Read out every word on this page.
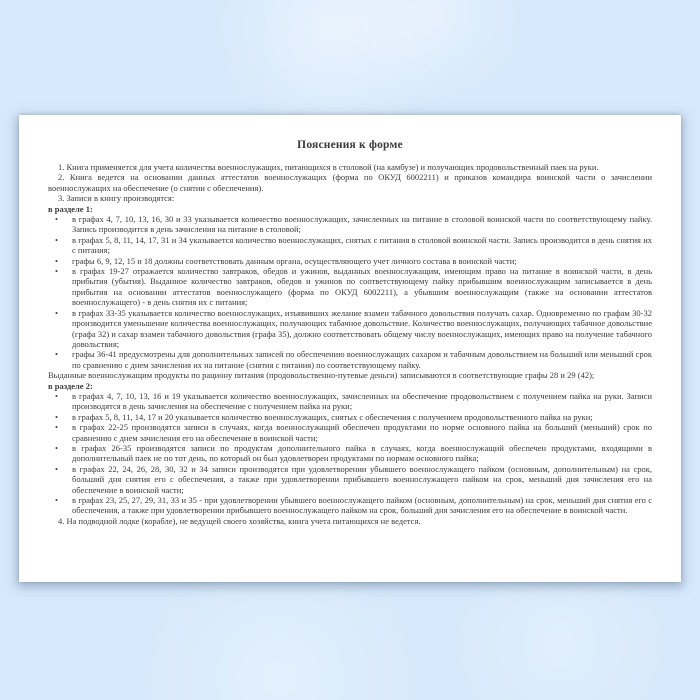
Пояснения к форме

1. Книга применяется для учета количества военнослужащих, питающихся в столовой (на камбузе) и получающих продовольственный паек на руки.

2. Книга ведется на основании данных аттестатов военнослужащих (форма по ОКУД 6002211) и приказов командира воинской части о зачислении военнослужащих на обеспечение (о снятии с обеспечения).

3. Записи в книгу производятся:

в разделе 1:

•	в графах 4, 7, 10, 13, 16, 30 и 33 указывается количество военнослужащих, зачисленных на питание в столовой воинской части по соответствующему пайку. Запись производится в день зачисления на питание в столовой;
•	в графах 5, 8, 11, 14, 17, 31 и 34 указывается количество военнослужащих, снятых с питания в столовой воинской части. Запись производится в день снятия их с питания;
•	графы 6, 9, 12, 15 и 18 должны соответствовать данным органа, осуществляющего учет личного состава в воинской части;
•	в графах 19-27 отражается количество завтраков, обедов и ужинов, выданных военнослужащим, имеющим право на питание в воинской части, в день прибытия (убытия). Выданное количество завтраков, обедов и ужинов по соответствующему пайку прибывшим военнослужащим записывается в день прибытия на основании аттестатов военнослужащего (форма по ОКУД 6002211), а убывшим военнослужащим (также на основании аттестатов военнослужащего) - в день снятия их с питания;
•	в графах 33-35 указывается количество военнослужащих, изъявивших желание взамен табачного довольствия получать сахар. Одновременно по графам 30-32 производится уменьшение количества военнослужащих, получающих табачное довольствие. Количество военнослужащих, получающих табачное довольствие (графа 32) и сахар взамен табачного довольствия (графа 35), должно соответствовать общему числу военнослужащих, имеющих право на получение табачного довольствия;
•	графы 36-41 предусмотрены для дополнительных записей по обеспечению военнослужащих сахаром и табачным довольствием на больший или меньший срок по сравнению с днем зачисления их на питание (снятия с питания) по соответствующему пайку.

Выданные военнослужащим продукты по рациону питания (продовольственно-путевые деньги) записываются в соответствующие графы 28 и 29 (42);

в разделе 2:

•	в графах 4, 7, 10, 13, 16 и 19 указывается количество военнослужащих, зачисленных на обеспечение продовольствием с получением пайка на руки. Записи производятся в день зачисления на обеспечение с получением пайка на руки;
•	в графах 5, 8, 11, 14, 17 и 20 указывается количество военнослужащих, снятых с обеспечения с получением продовольственного пайка на руки;
•	в графах 22-25 производятся записи в случаях, когда военнослужащий обеспечен продуктами по норме основного пайка на больший (меньший) срок по сравнению с днем зачисления его на обеспечение в воинской части;
•	в графах 26-35 производятся записи по продуктам дополнительного пайка в случаях, когда военнослужащий обеспечен продуктами, входящими в дополнительный паек не по тот день, по который он был удовлетворен продуктами по нормам основного пайка;
•	в графах 22, 24, 26, 28, 30, 32 и 34 записи производятся при удовлетворении убывшего военнослужащего пайком (основным, дополнительным) на срок, больший дня снятия его с обеспечения, а также при удовлетворении прибывшего военнослужащего пайком на срок, меньший дня зачисления его на обеспечение в воинской части;
•	в графах 23, 25, 27, 29, 31, 33 и 35 - при удовлетворении убывшего военнослужащего пайком (основным, дополнительным) на срок, меньший дня снятия его с обеспечения, а также при удовлетворении прибывшего военнослужащего пайком на срок, больший дня зачисления его на обеспечение в воинской части.

4. На подводной лодке (корабле), не ведущей своего хозяйства, книга учета питающихся не ведется.
